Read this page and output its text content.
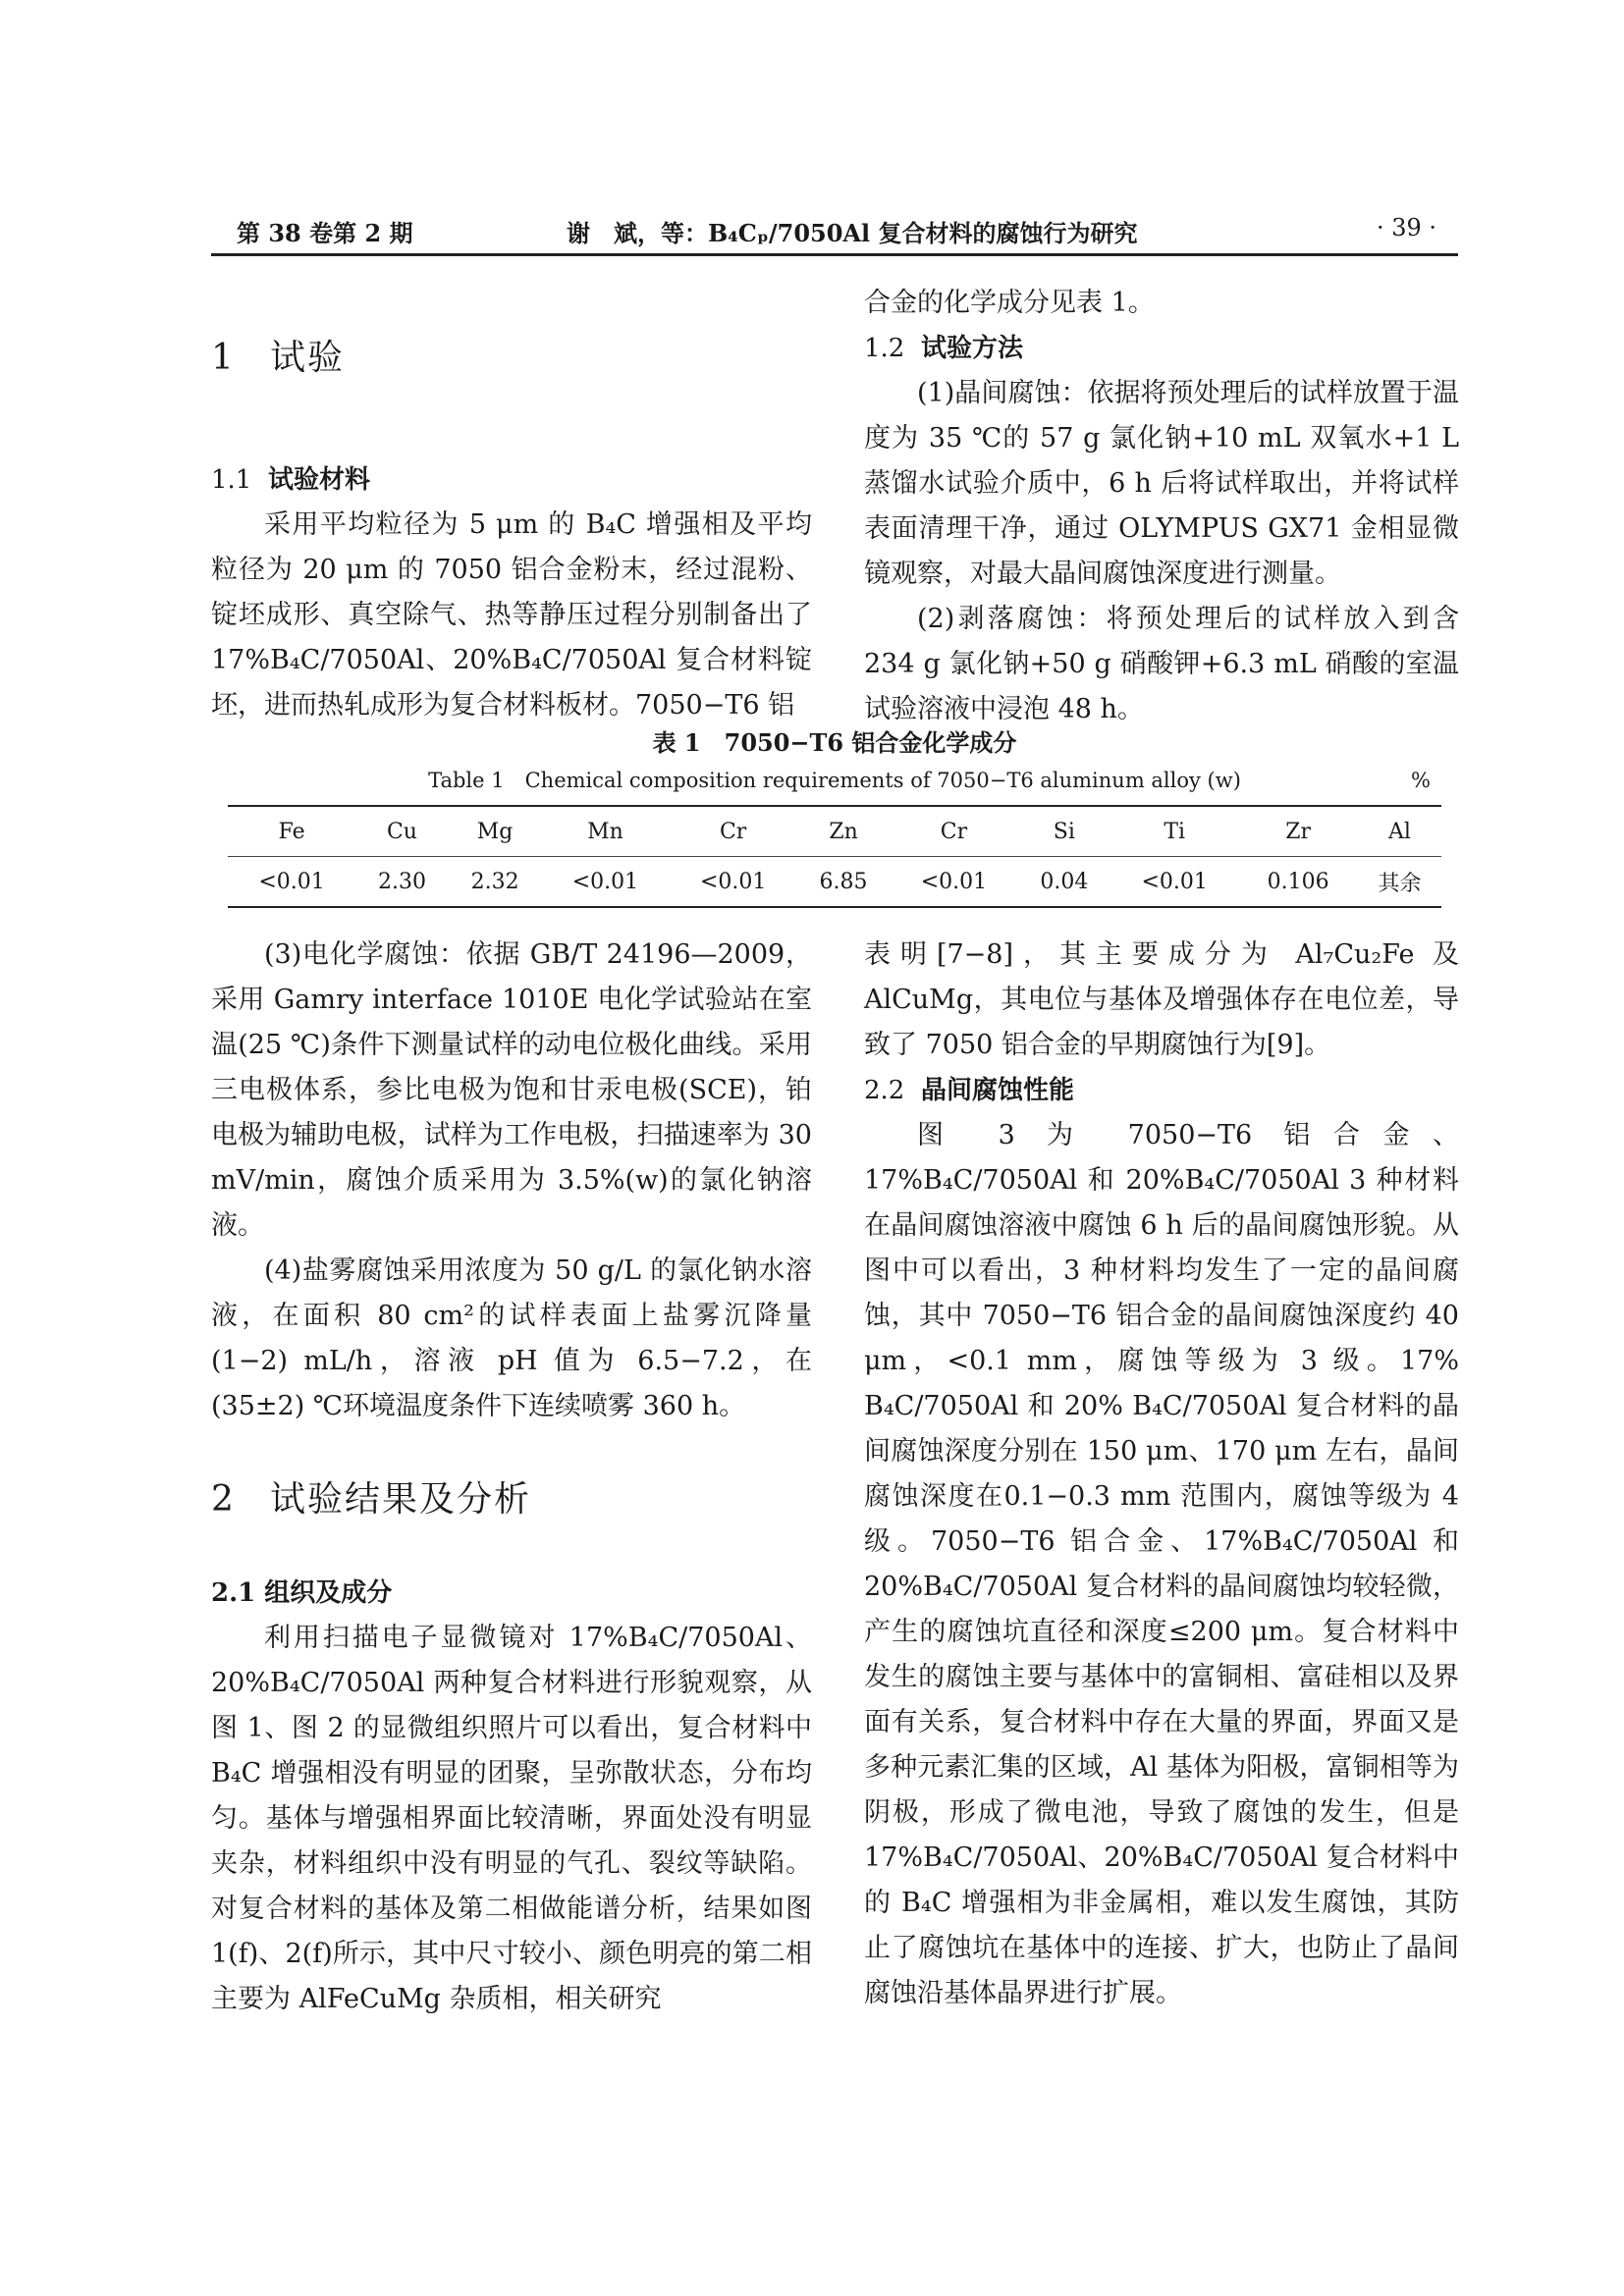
第 38 卷第 2 期	谢　斌，等：B₄Cₚ/7050Al 复合材料的腐蚀行为研究	· 39 ·
1 试验

1.1 试验材料

采用平均粒径为 5 μm 的 B₄C 增强相及平均粒径为 20 μm 的 7050 铝合金粉末，经过混粉、锭坯成形、真空除气、热等静压过程分别制备出了 17%B₄C/7050Al、20%B₄C/7050Al 复合材料锭坯，进而热轧成形为复合材料板材。7050−T6 铝

合金的化学成分见表 1。

1.2 试验方法

(1)晶间腐蚀：依据将预处理后的试样放置于温度为 35 ℃的 57 g 氯化钠+10 mL 双氧水+1 L 蒸馏水试验介质中，6 h 后将试样取出，并将试样表面清理干净，通过 OLYMPUS GX71 金相显微镜观察，对最大晶间腐蚀深度进行测量。

(2)剥落腐蚀：将预处理后的试样放入到含 234 g 氯化钠+50 g 硝酸钾+6.3 mL 硝酸的室温试验溶液中浸泡 48 h。

表 1　7050−T6 铝合金化学成分
Table 1　Chemical composition requirements of 7050−T6 aluminum alloy (w)	%
Fe	Cu	Mg	Mn	Cr	Zn	Cr	Si	Ti	Zr	Al
<0.01	2.30	2.32	<0.01	<0.01	6.85	<0.01	0.04	<0.01	0.106	其余

(3)电化学腐蚀：依据 GB/T 24196—2009，采用 Gamry interface 1010E 电化学试验站在室温(25 ℃)条件下测量试样的动电位极化曲线。采用三电极体系，参比电极为饱和甘汞电极(SCE)，铂电极为辅助电极，试样为工作电极，扫描速率为 30 mV/min，腐蚀介质采用为 3.5%(w)的氯化钠溶液。

(4)盐雾腐蚀采用浓度为 50 g/L 的氯化钠水溶液，在面积 80 cm²的试样表面上盐雾沉降量(1−2) mL/h，溶液 pH 值为 6.5−7.2，在(35±2) ℃环境温度条件下连续喷雾 360 h。

2 试验结果及分析

2.1 组织及成分

利用扫描电子显微镜对 17%B₄C/7050Al、20%B₄C/7050Al 两种复合材料进行形貌观察，从图 1、图 2 的显微组织照片可以看出，复合材料中 B₄C 增强相没有明显的团聚，呈弥散状态，分布均匀。基体与增强相界面比较清晰，界面处没有明显夹杂，材料组织中没有明显的气孔、裂纹等缺陷。对复合材料的基体及第二相做能谱分析，结果如图 1(f)、2(f)所示，其中尺寸较小、颜色明亮的第二相主要为 AlFeCuMg 杂质相，相关研究

表明[7−8]，其主要成分为 Al₇Cu₂Fe 及 AlCuMg，其电位与基体及增强体存在电位差，导致了 7050 铝合金的早期腐蚀行为[9]。

2.2 晶间腐蚀性能

图 3 为 7050−T6 铝合金、17%B₄C/7050Al 和 20%B₄C/7050Al 3 种材料在晶间腐蚀溶液中腐蚀 6 h 后的晶间腐蚀形貌。从图中可以看出，3 种材料均发生了一定的晶间腐蚀，其中 7050−T6 铝合金的晶间腐蚀深度约 40 μm，<0.1 mm，腐蚀等级为 3 级。17% B₄C/7050Al 和 20% B₄C/7050Al 复合材料的晶间腐蚀深度分别在 150 μm、170 μm 左右，晶间腐蚀深度在0.1−0.3 mm 范围内，腐蚀等级为 4 级。7050−T6 铝合金、17%B₄C/7050Al 和 20%B₄C/7050Al 复合材料的晶间腐蚀均较轻微，产生的腐蚀坑直径和深度≤200 μm。复合材料中发生的腐蚀主要与基体中的富铜相、富硅相以及界面有关系，复合材料中存在大量的界面，界面又是多种元素汇集的区域，Al 基体为阳极，富铜相等为阴极，形成了微电池，导致了腐蚀的发生，但是 17%B₄C/7050Al、20%B₄C/7050Al 复合材料中的 B₄C 增强相为非金属相，难以发生腐蚀，其防止了腐蚀坑在基体中的连接、扩大，也防止了晶间腐蚀沿基体晶界进行扩展。
